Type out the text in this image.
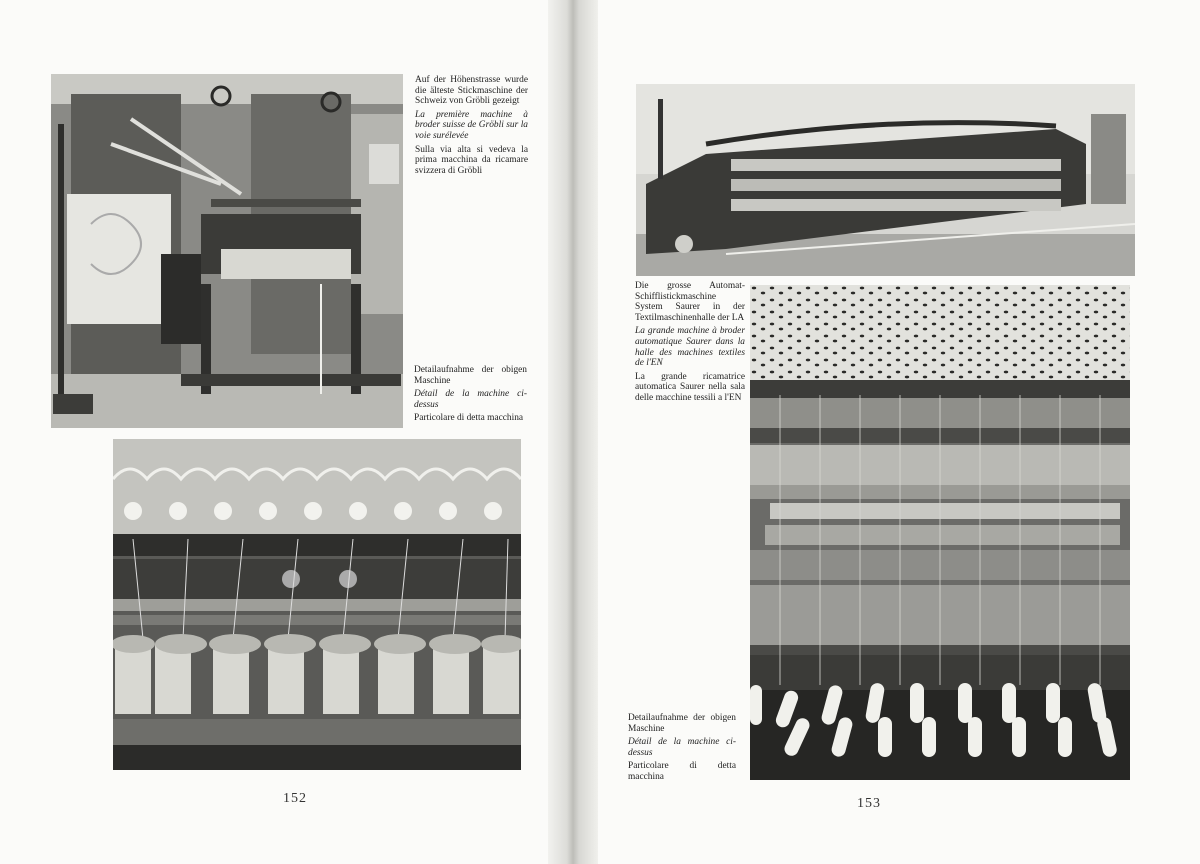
Auf der Höhenstrasse wurde die älteste Stickmaschine der Schweiz von Gröbli gezeigt

La première machine à broder suisse de Gröbli sur la voie surélevée

Sulla via alta si vedeva la prima macchina da ricamare svizzera di Gröbli

Detailaufnahme der obigen Maschine

Détail de la machine ci-dessus

Particolare di detta macchina

152

Die grosse Automat-Schifflistickmaschine System Saurer in der Textilmaschinenhalle der LA

La grande machine à broder automatique Saurer dans la halle des machines textiles de l'EN

La grande ricamatrice automatica Saurer nella sala delle macchine tessili a l'EN

Detailaufnahme der obigen Maschine

Détail de la machine ci-dessus

Particolare di detta macchina

153
